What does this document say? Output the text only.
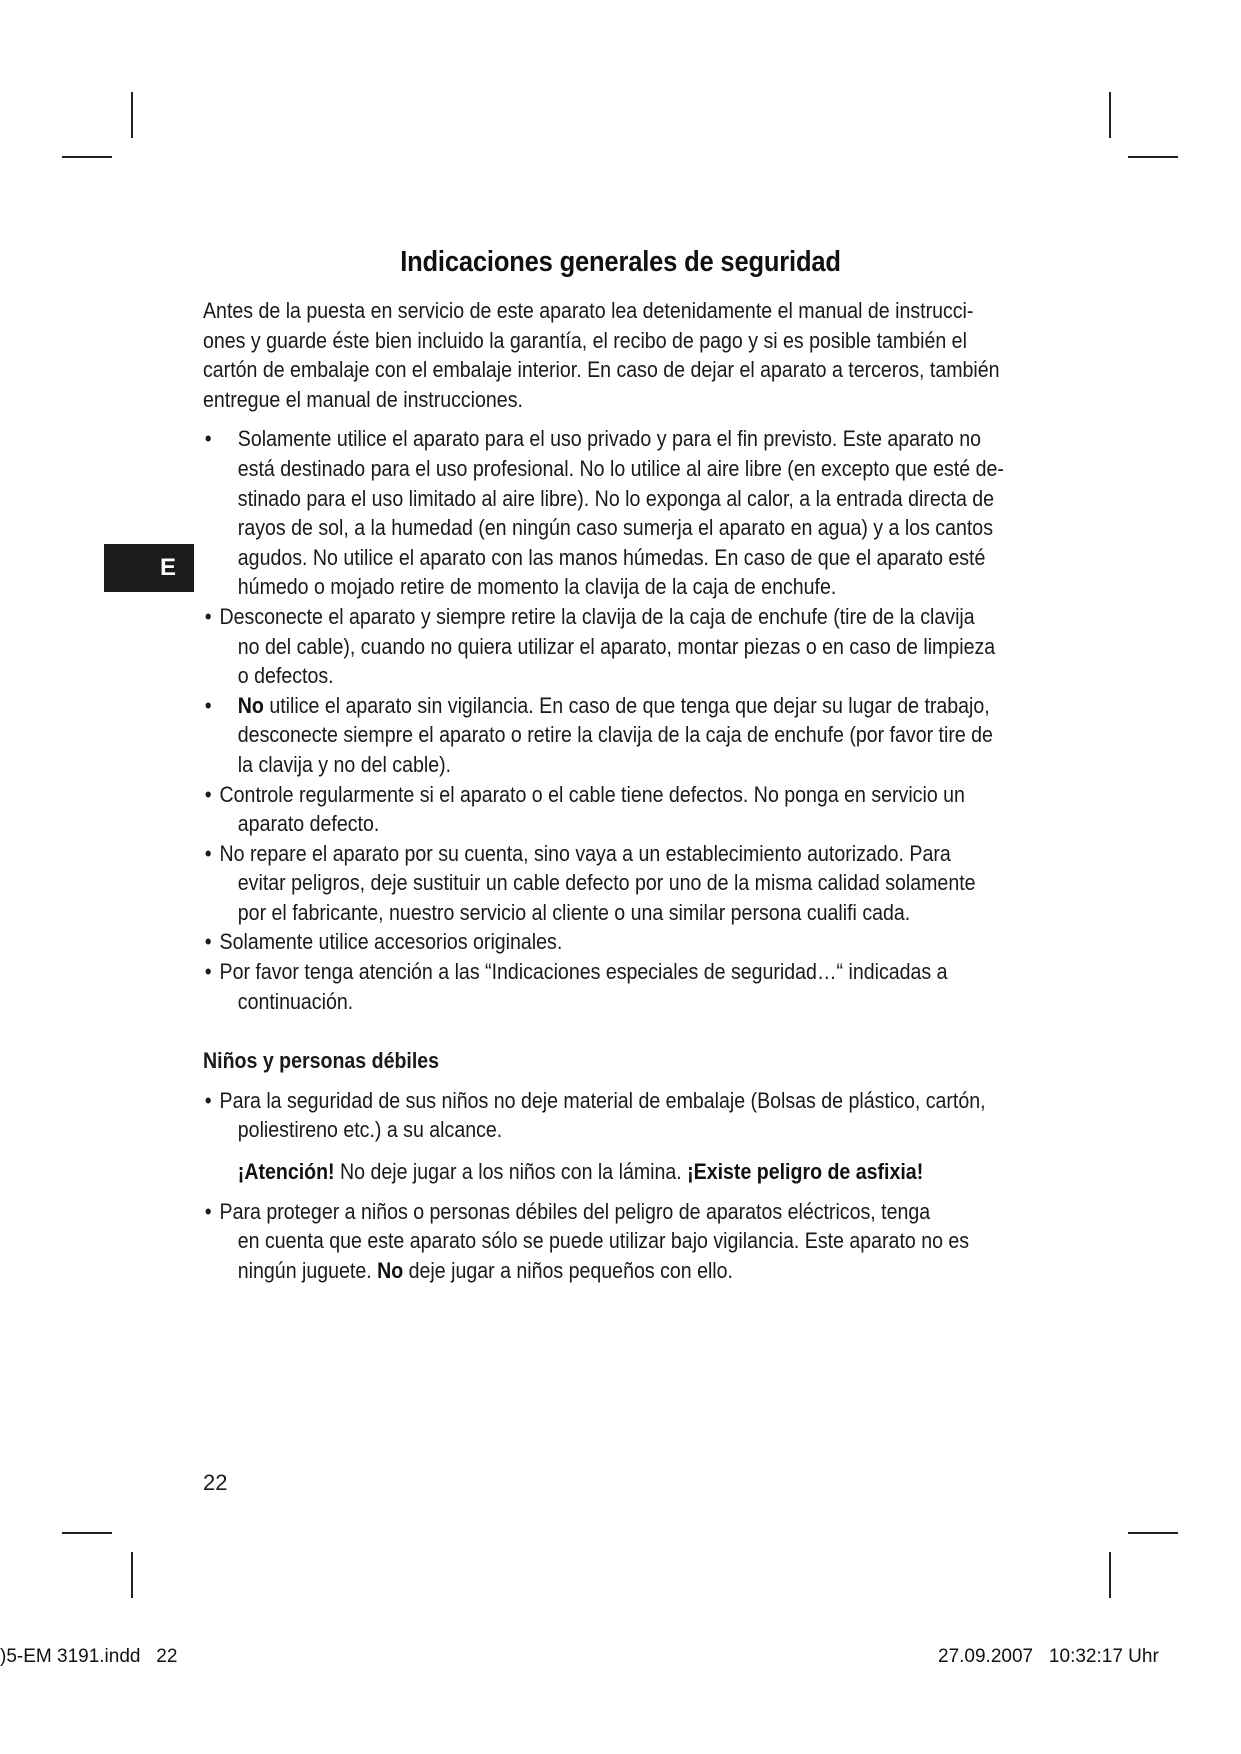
Indicaciones generales de seguridad
E
Antes de la puesta en servicio de este aparato lea detenidamente el manual de instrucci-
ones y guarde éste bien incluido la garantía, el recibo de pago y si es posible también el
cartón de embalaje con el embalaje interior. En caso de dejar el aparato a terceros, también
entregue el manual de instrucciones.
• Solamente utilice el aparato para el uso privado y para el fin previsto. Este aparato no
está destinado para el uso profesional. No lo utilice al aire libre (en excepto que esté de-
stinado para el uso limitado al aire libre). No lo exponga al calor, a la entrada directa de
rayos de sol, a la humedad (en ningún caso sumerja el aparato en agua) y a los cantos
agudos. No utilice el aparato con las manos húmedas. En caso de que el aparato esté
húmedo o mojado retire de momento la clavija de la caja de enchufe.
• Desconecte el aparato y siempre retire la clavija de la caja de enchufe (tire de la clavija
no del cable), cuando no quiera utilizar el aparato, montar piezas o en caso de limpieza
o defectos.
• No utilice el aparato sin vigilancia. En caso de que tenga que dejar su lugar de trabajo,
desconecte siempre el aparato o retire la clavija de la caja de enchufe (por favor tire de
la clavija y no del cable).
• Controle regularmente si el aparato o el cable tiene defectos. No ponga en servicio un
aparato defecto.
• No repare el aparato por su cuenta, sino vaya a un establecimiento autorizado. Para
evitar peligros, deje sustituir un cable defecto por uno de la misma calidad solamente
por el fabricante, nuestro servicio al cliente o una similar persona cualifi cada.
• Solamente utilice accesorios originales.
• Por favor tenga atención a las “Indicaciones especiales de seguridad…“ indicadas a
continuación.
Niños y personas débiles
• Para la seguridad de sus niños no deje material de embalaje (Bolsas de plástico, cartón,
poliestireno etc.) a su alcance.
¡Atención! No deje jugar a los niños con la lámina. ¡Existe peligro de asfixia!
• Para proteger a niños o personas débiles del peligro de aparatos eléctricos, tenga
en cuenta que este aparato sólo se puede utilizar bajo vigilancia. Este aparato no es
ningún juguete. No deje jugar a niños pequeños con ello.
22
)5-EM 3191.indd   22	27.09.2007   10:32:17 Uhr
